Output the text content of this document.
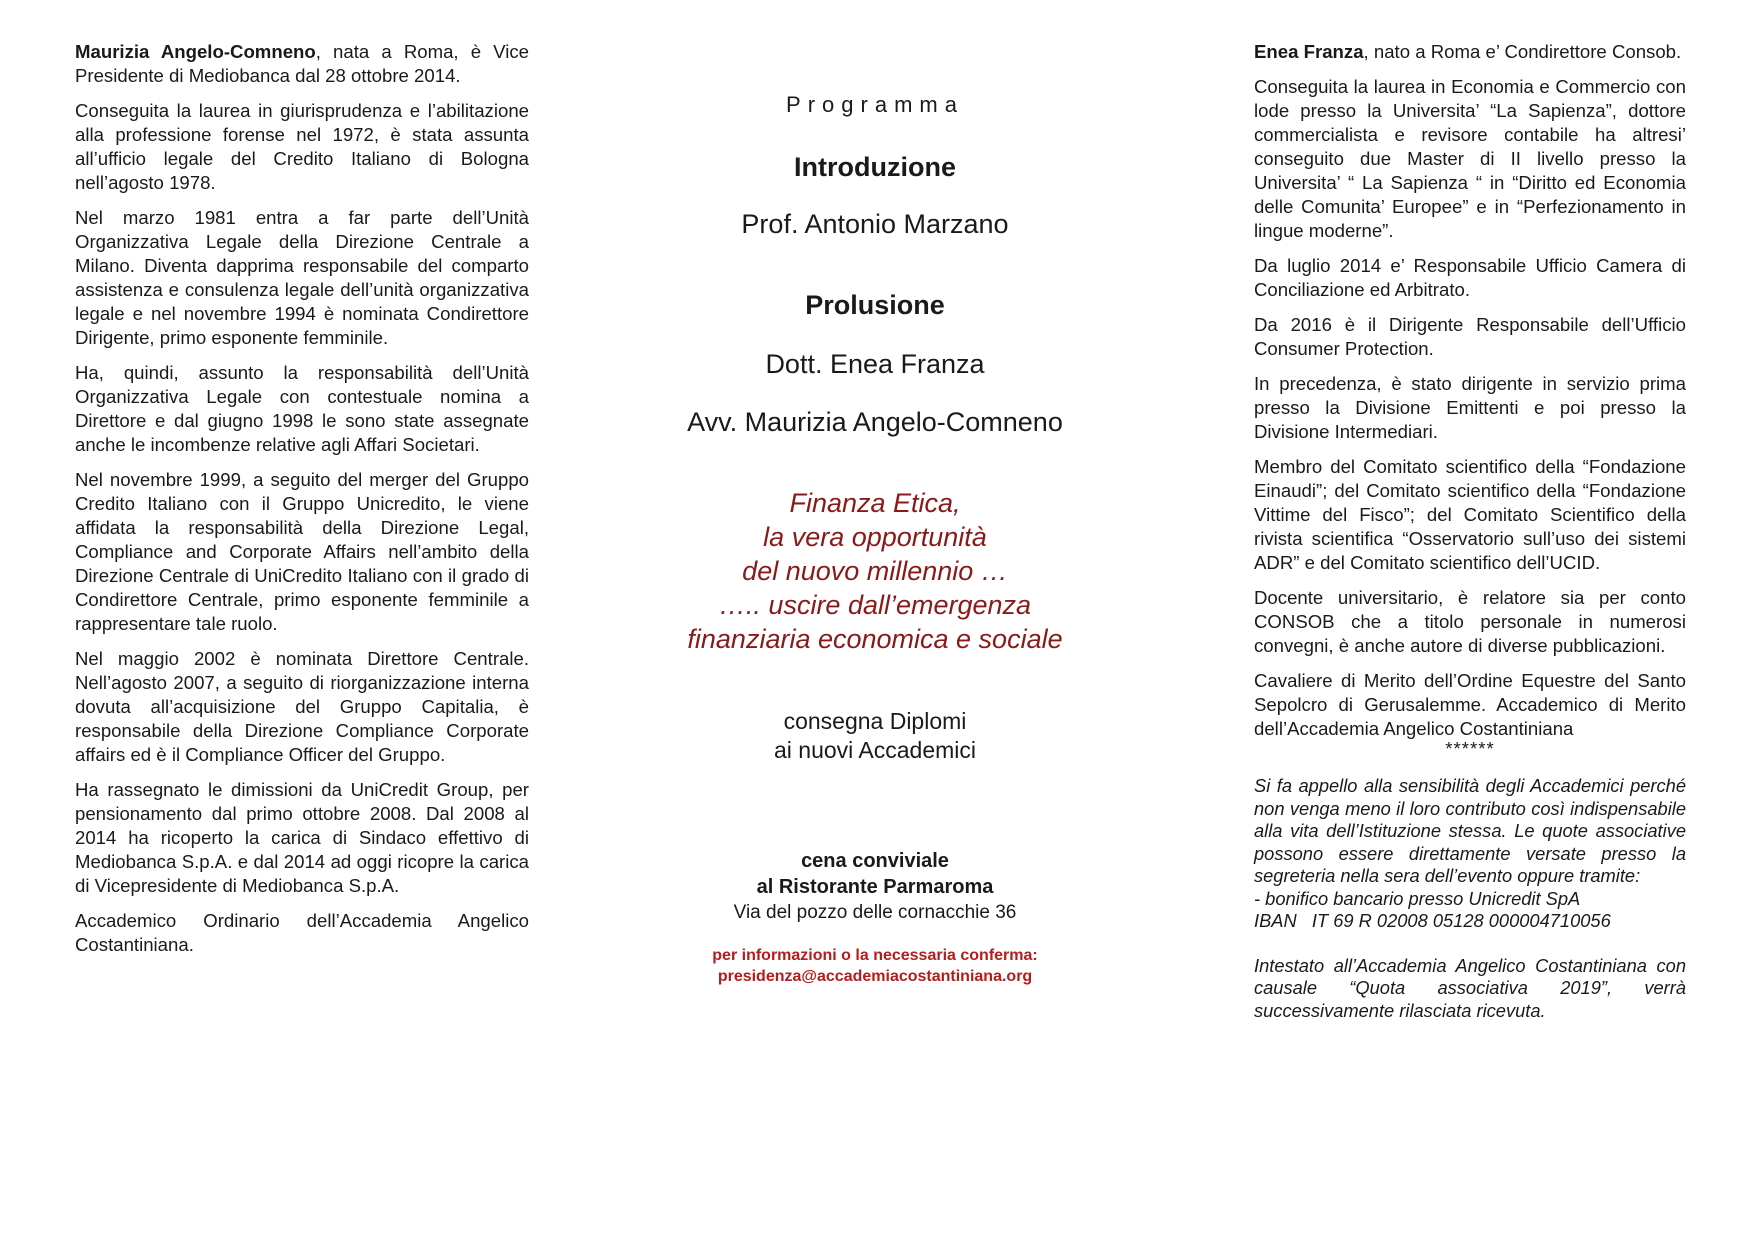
Maurizia Angelo-Comneno, nata a Roma, è Vice Presidente di Mediobanca dal 28 ottobre 2014.

Conseguita la laurea in giurisprudenza e l’abilitazione alla professione forense nel 1972, è stata assunta all’ufficio legale del Credito Italiano di Bologna nell’agosto 1978.

Nel marzo 1981 entra a far parte dell’Unità Organizzativa Legale della Direzione Centrale a Milano. Diventa dapprima responsabile del comparto assistenza e consulenza legale dell’unità organizzativa legale e nel novembre 1994 è nominata Condirettore Dirigente, primo esponente femminile.

Ha, quindi, assunto la responsabilità dell’Unità Organizzativa Legale con contestuale nomina a Direttore e dal giugno 1998 le sono state assegnate anche le incombenze relative agli Affari Societari.

Nel novembre 1999, a seguito del merger del Gruppo Credito Italiano con il Gruppo Unicredito, le viene affidata la responsabilità della Direzione Legal, Compliance and Corporate Affairs nell’ambito della Direzione Centrale di UniCredito Italiano con il grado di Condirettore Centrale, primo esponente femminile a rappresentare tale ruolo.

Nel maggio 2002 è nominata Direttore Centrale. Nell’agosto 2007, a seguito di riorganizzazione interna dovuta all’acquisizione del Gruppo Capitalia, è responsabile della Direzione Compliance Corporate affairs ed è il Compliance Officer del Gruppo.

Ha rassegnato le dimissioni da UniCredit Group, per pensionamento dal primo ottobre 2008. Dal 2008 al 2014 ha ricoperto la carica di Sindaco effettivo di Mediobanca S.p.A. e dal 2014 ad oggi ricopre la carica di Vicepresidente di Mediobanca S.p.A.

Accademico Ordinario dell’Accademia Angelico Costantiniana.

Programma
Introduzione
Prof. Antonio Marzano
Prolusione
Dott. Enea Franza
Avv. Maurizia Angelo-Comneno
Finanza Etica,
la vera opportunità
del nuovo millennio …
….. uscire dall’emergenza
finanziaria economica e sociale
consegna Diplomi
ai nuovi Accademici
cena conviviale
al Ristorante Parmaroma
Via del pozzo delle cornacchie 36
per informazioni o la necessaria conferma:
presidenza@accademiacostantiniana.org

Enea Franza, nato a Roma e’ Condirettore Consob.

Conseguita la laurea in Economia e Commercio con lode presso la Universita’ “La Sapienza”, dottore commercialista e revisore contabile ha altresi’ conseguito due Master di II livello presso la Universita’ “ La Sapienza “ in “Diritto ed Economia delle Comunita’ Europee” e in “Perfezionamento in lingue moderne”.

Da luglio 2014 e’ Responsabile Ufficio Camera di Conciliazione ed Arbitrato.

Da 2016 è il Dirigente Responsabile dell’Ufficio Consumer Protection.

In precedenza, è stato dirigente in servizio prima presso la Divisione Emittenti e poi presso la Divisione Intermediari.

Membro del Comitato scientifico della “Fondazione Einaudi”; del Comitato scientifico della “Fondazione Vittime del Fisco”; del Comitato Scientifico della rivista scientifica “Osservatorio sull’uso dei sistemi ADR” e del Comitato scientifico dell’UCID.

Docente universitario, è relatore sia per conto CONSOB che a titolo personale in numerosi convegni, è anche autore di diverse pubblicazioni.

Cavaliere di Merito dell’Ordine Equestre del Santo Sepolcro di Gerusalemme. Accademico di Merito dell’Accademia Angelico Costantiniana

******

Si fa appello alla sensibilità degli Accademici perché non venga meno il loro contributo così indispensabile alla vita dell’Istituzione stessa. Le quote associative possono essere direttamente versate presso la segreteria nella sera dell’evento oppure tramite:

- bonifico bancario presso Unicredit SpA
IBAN   IT 69 R 02008 05128 000004710056

Intestato all’Accademia Angelico Costantiniana con causale “Quota associativa 2019”, verrà successivamente rilasciata ricevuta.
